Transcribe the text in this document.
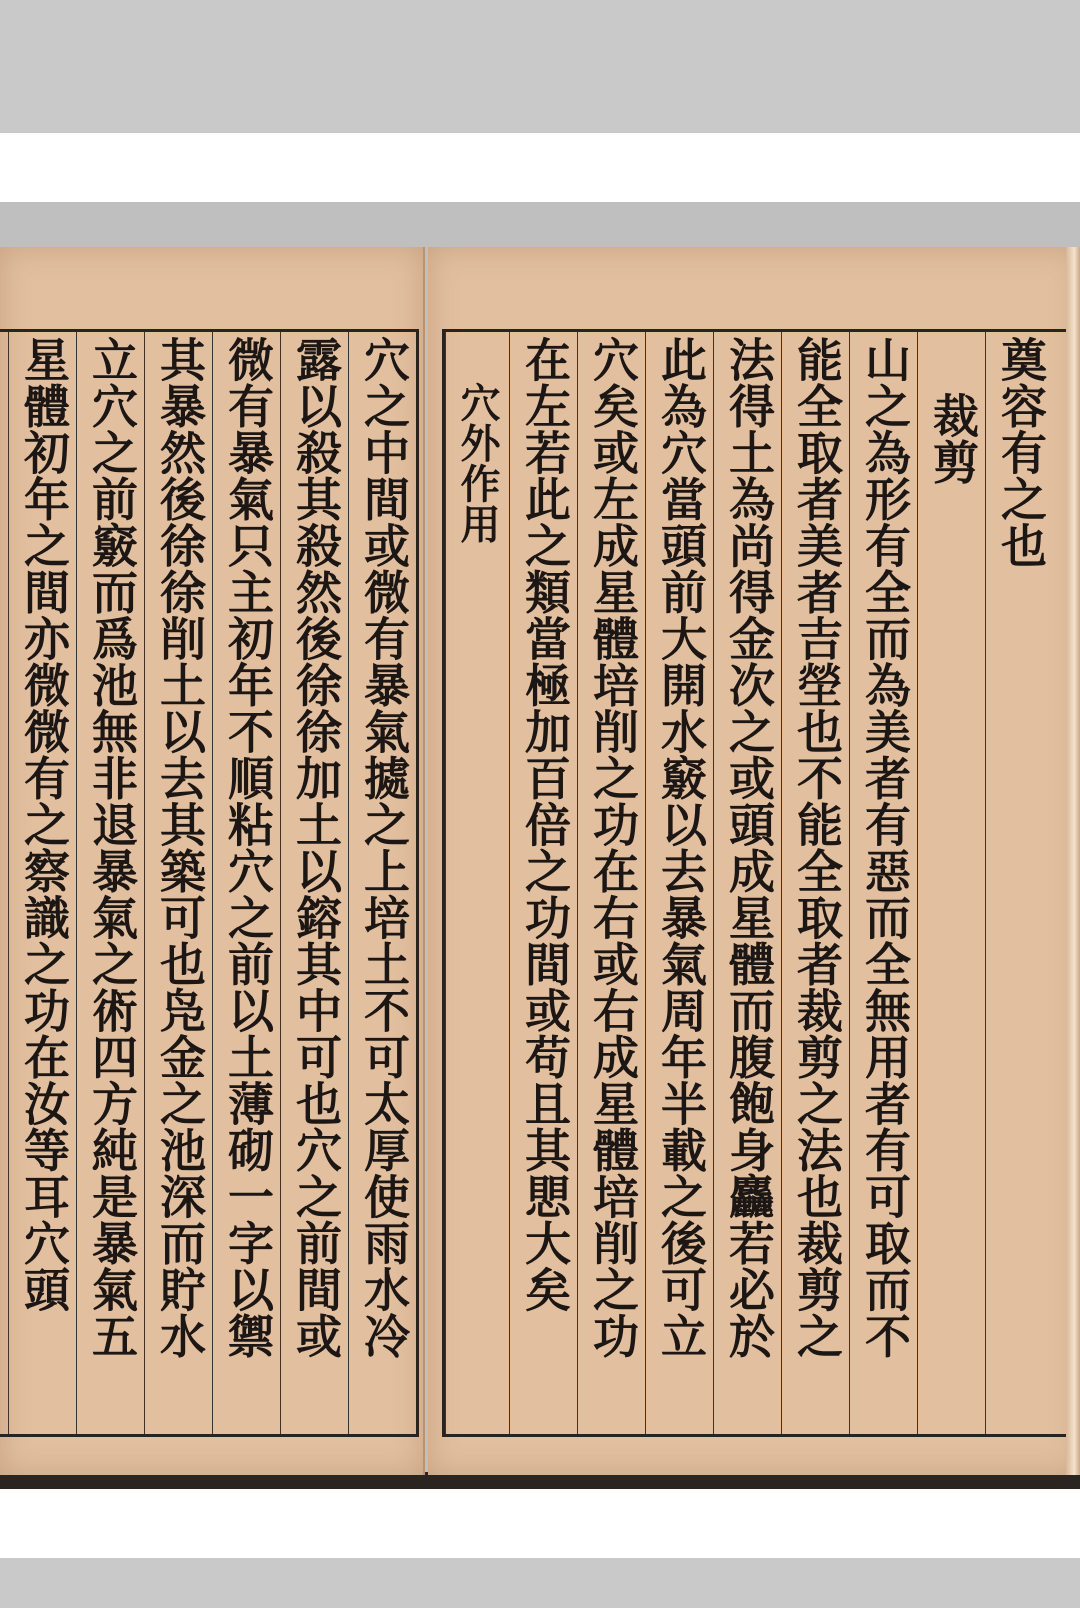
穴之中間或微有暴氣㨿之上培土不可太厚使雨水冷
露以殺其殺然後徐徐加土以鎔其中可也穴之前間或
微有暴氣只主初年不順粘穴之前以土薄砌一字以禦
其暴然後徐徐削土以去其築可也凫金之池深而貯水
立穴之前竅而爲池無非退暴氣之術四方純是暴氣五
星體初年之間亦微微有之察識之功在汝等耳穴頭	奠容有之也
裁剪
山之為形有全而為美者有惡而全無用者有可取而不
能全取者美者吉塋也不能全取者裁剪之法也裁剪之
法得土為尚得金次之或頭成星體而腹飽身麤若必於
此為穴當頭前大開水竅以去暴氣周年半載之後可立
穴矣或左成星體培削之功在右或右成星體培削之功
在左若此之類當極加百倍之功間或苟且其愳大矣
穴外作用
